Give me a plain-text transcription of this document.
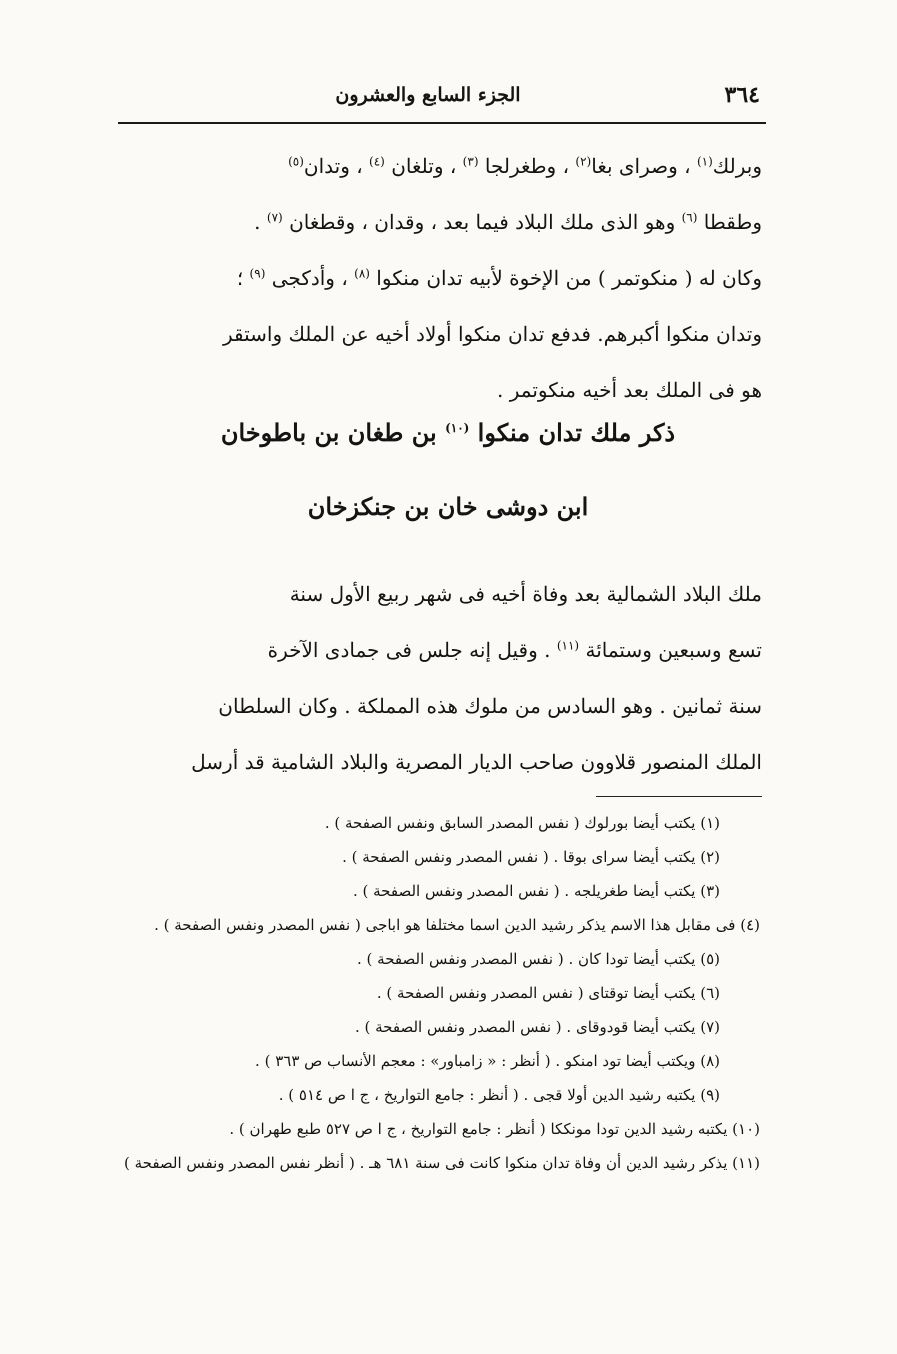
٣٦٤
الجزء السابع والعشرون

وبرلك$^{(١)}$ ، وصراى بغا$^{(٢)}$ ، وطغرلجا $^{(٣)}$ ، وتلغان $^{(٤)}$ ، وتدان$^{(٥)}$

وطقطا $^{(٦)}$ وهو الذى ملك البلاد فيما بعد ، وقدان ، وقطغان $^{(٧)}$ .

وكان له ( منكوتمر ) من الإخوة لأبيه تدان منكوا $^{(٨)}$ ، وأدكجى $^{(٩)}$ ؛

وتدان منكوا أكبرهم. فدفع تدان منكوا أولاد أخيه عن الملك واستقر

هو فى الملك بعد أخيه منكوتمر .

ذكر ملك تدان منكوا $^{(١٠)}$ بن طغان بن باطوخان
ابن دوشى خان بن جنكزخان

ملك البلاد الشمالية بعد وفاة أخيه فى شهر ربيع الأول سنة

تسع وسبعين وستمائة $^{(١١)}$ . وقيل إنه جلس فى جمادى الآخرة

سنة ثمانين . وهو السادس من ملوك هذه المملكة . وكان السلطان

الملك المنصور قلاوون صاحب الديار المصرية والبلاد الشامية قد أرسل

(١) يكتب أيضا بورلوك ( نفس المصدر السابق ونفس الصفحة ) .

(٢) يكتب أيضا سراى بوقا . ( نفس المصدر ونفس الصفحة ) .

(٣) يكتب أيضا طغريلجه . ( نفس المصدر ونفس الصفحة ) .

(٤) فى مقابل هذا الاسم يذكر رشيد الدين اسما مختلفا هو اباجى ( نفس المصدر ونفس الصفحة ) .

(٥) يكتب أيضا تودا كان . ( نفس المصدر ونفس الصفحة ) .

(٦) يكتب أيضا توقتاى ( نفس المصدر ونفس الصفحة ) .

(٧) يكتب أيضا قودوقاى . ( نفس المصدر ونفس الصفحة ) .

(٨) ويكتب أيضا تود امنكو . ( أنظر : « زامباور» : معجم الأنساب ص ٣٦٣ ) .

(٩) يكتبه رشيد الدين أولا قجى . ( أنظر : جامع التواريخ ، ج ا ص ٥١٤ ) .

(١٠) يكتبه رشيد الدين تودا مونككا ( أنظر : جامع التواريخ ، ج ا ص ٥٢٧ طبع طهران ) .

(١١) يذكر رشيد الدين أن وفاة تدان منكوا كانت فى سنة ٦٨١ هـ . ( أنظر نفس المصدر ونفس الصفحة )
